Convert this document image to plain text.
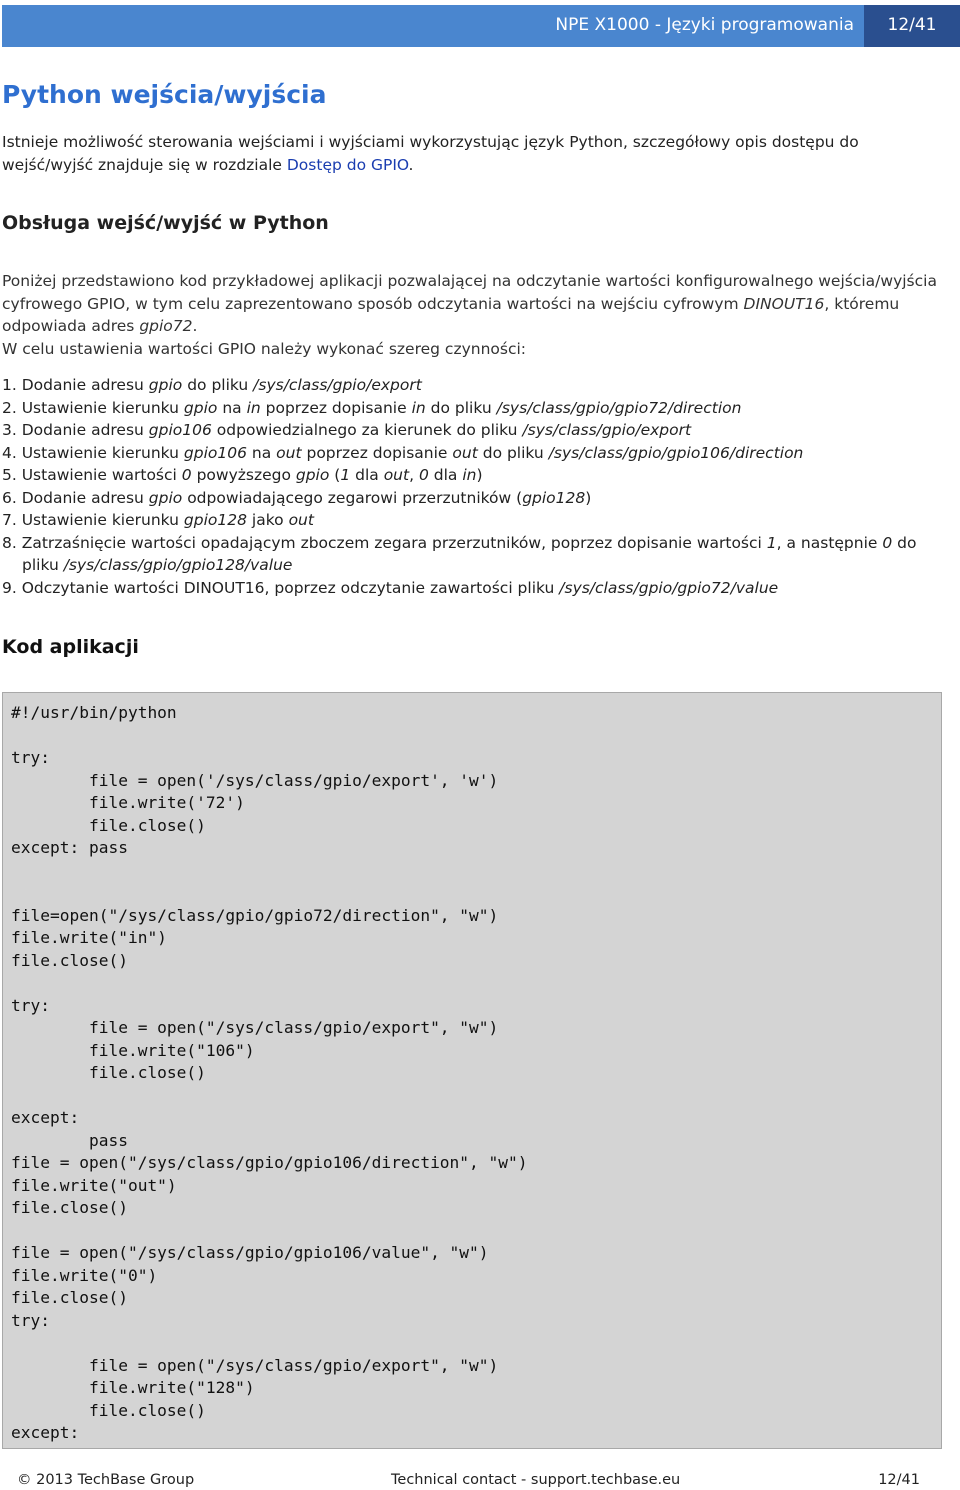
NPE X1000 - Języki programowania	12/41
Python wejścia/wyjścia
Istnieje możliwość sterowania wejściami i wyjściami wykorzystując język Python, szczegółowy opis dostępu do wejść/wyjść znajduje się w rozdziale Dostęp do GPIO.
Obsługa wejść/wyjść w Python

Poniżej przedstawiono kod przykładowej aplikacji pozwalającej na odczytanie wartości konfigurowalnego wejścia/wyjścia cyfrowego GPIO, w tym celu zaprezentowano sposób odczytania wartości na wejściu cyfrowym DINOUT16, któremu odpowiada adres gpio72.

W celu ustawienia wartości GPIO należy wykonać szereg czynności:

1. Dodanie adresu gpio do pliku /sys/class/gpio/export
2. Ustawienie kierunku gpio na in poprzez dopisanie in do pliku /sys/class/gpio/gpio72/direction
3. Dodanie adresu gpio106 odpowiedzialnego za kierunek do pliku /sys/class/gpio/export
4. Ustawienie kierunku gpio106 na out poprzez dopisanie out do pliku /sys/class/gpio/gpio106/direction
5. Ustawienie wartości 0 powyższego gpio (1 dla out, 0 dla in)
6. Dodanie adresu gpio odpowiadającego zegarowi przerzutników (gpio128)
7. Ustawienie kierunku gpio128 jako out
8. Zatrzaśnięcie wartości opadającym zboczem zegara przerzutników, poprzez dopisanie wartości 1, a następnie 0 do pliku /sys/class/gpio/gpio128/value
9. Odczytanie wartości DINOUT16, poprzez odczytanie zawartości pliku /sys/class/gpio/gpio72/value
Kod aplikacji
#!/usr/bin/python

try:
file = open('/sys/class/gpio/export', 'w')
file.write('72')
file.close()
except: pass

file=open("/sys/class/gpio/gpio72/direction", "w")
file.write("in")
file.close()

try:
file = open("/sys/class/gpio/export", "w")
file.write("106")
file.close()

except:
pass
file = open("/sys/class/gpio/gpio106/direction", "w")
file.write("out")
file.close()

file = open("/sys/class/gpio/gpio106/value", "w")
file.write("0")
file.close()
try:

file = open("/sys/class/gpio/export", "w")
file.write("128")
file.close()
except:
© 2013 TechBase Group	Technical contact - support.techbase.eu	12/41
